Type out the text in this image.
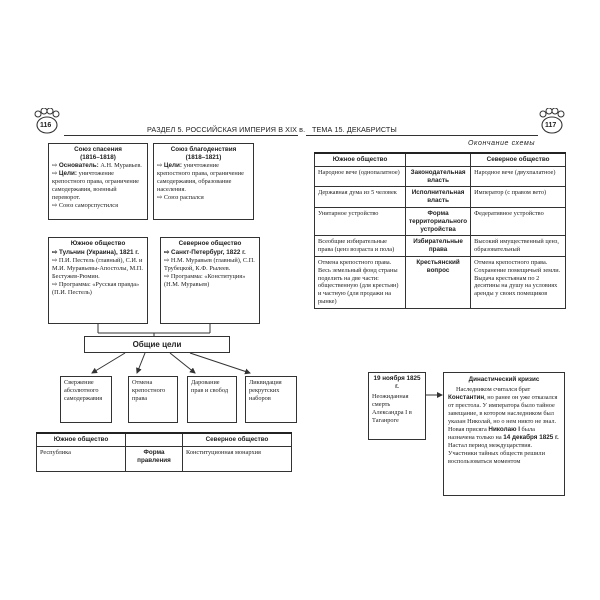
116	РАЗДЕЛ 5. РОССИЙСКАЯ ИМПЕРИЯ В XIX в.
Союз спасения
(1816–1818)
⇨ Основатель: А.Н. Муравьев.
⇨ Цели: уничтожение крепостного права, ограничение самодержавия, военный переворот.
⇨ Союз саморспустился
Союз благоденствия
(1818–1821)
⇨ Цели: уничтожение крепостного права, ограничение самодержавия, образование населения.
⇨ Союз распался
Южное общество
⇨ Тульчин (Украина), 1821 г.
⇨ П.И. Пестель (главный), С.И. и М.И. Муравьевы-Апостолы, М.П. Бестужев-Рюмин.
⇨ Программа: «Русская правда» (П.И. Пестель)
Северное общество
⇨ Санкт-Петербург, 1822 г.
⇨ Н.М. Муравьев (главный), С.П. Трубецкой, К.Ф. Рылеев.
⇨ Программа: «Конституция» (Н.М. Муравьев)
Общие цели
Свержение абсолютного самодержавия
Отмена крепостного права
Дарование прав и свобод
Ликвидация рекрутских наборов
Южное общество		Северное общество
Республика	Форма правления	Конституционная монархия
ТЕМА 15. ДЕКАБРИСТЫ	117
Окончание схемы
Южное общество		Северное общество
Народное вече (однопалатное)	Законодательная власть	Народное вече (двухпалатное)
Державная дума из 5 человек	Исполнительная власть	Император (с правом вето)
Унитарное устройство	Форма территориального устройства	Федеративное устройство
Всеобщие избирательные права (ценз возраста и пола)	Избирательные права	Высокий имущественный ценз, образовательный
Отмена крепостного права. Весь земельный фонд страны поделить на две части: общественную (для крестьян) и частную (для продажи на рынке)	Крестьянский вопрос	Отмена крепостного права. Сохранение помещичьей земли. Выдача крестьянам по 2 десятины на душу на условиях аренды у своих помещиков
19 ноября 1825 г.
Неожиданная смерть Александра I в Таганроге
Династический кризис
Наследником считался брат Константин, но ранее он уже отказался от престола. У императора было тайное завещание, в котором наследником был указан Николай, но о нем никто не знал. Новая присяга Николаю I была назначена только на 14 декабря 1825 г. Настал период междуцарствия. Участники тайных обществ решили воспользоваться моментом
